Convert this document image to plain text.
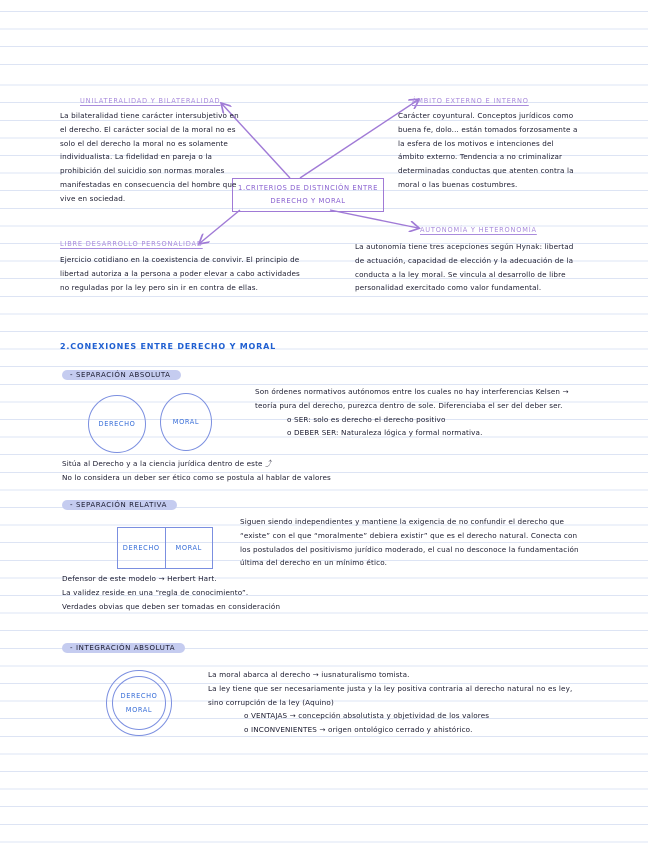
1.CRITERIOS DE DISTINCIÓN ENTRE
DERECHO Y MORAL
UNILATERALIDAD Y BILATERALIDAD
La bilateralidad tiene carácter intersubjetivo en el derecho. El carácter social de la moral no es solo el del derecho la moral no es solamente individualista. La fidelidad en pareja o la prohibición del suicidio son normas morales manifestadas en consecuencia del hombre que vive en sociedad.
ÁMBITO EXTERNO E INTERNO
Carácter coyuntural. Conceptos jurídicos como buena fe, dolo... están tomados forzosamente a la esfera de los motivos e intenciones del ámbito externo. Tendencia a no criminalizar determinadas conductas que atenten contra la moral o las buenas costumbres.
LIBRE DESARROLLO PERSONALIDAD
Ejercicio cotidiano en la coexistencia de convivir. El principio de libertad autoriza a la persona a poder elevar a cabo actividades no reguladas por la ley pero sin ir en contra de ellas.
AUTONOMÍA Y HETERONOMÍA
La autonomía tiene tres acepciones según Hynak: libertad de actuación, capacidad de elección y la adecuación de la conducta a la ley moral. Se vincula al desarrollo de libre personalidad exercitado como valor fundamental.
2.CONEXIONES ENTRE DERECHO Y MORAL
- SEPARACIÓN ABSOLUTA
DERECHO	MORAL
Son órdenes normativos autónomos entre los cuales no hay interferencias Kelsen → teoría pura del derecho, purezca dentro de sole. Diferenciaba el ser del deber ser.
o SER: solo es derecho el derecho positivo
o DEBER SER: Naturaleza lógica y formal normativa.
Sitúa al Derecho y a la ciencia jurídica dentro de este ⤴
No lo considera un deber ser ético como se postula al hablar de valores
- SEPARACIÓN RELATIVA
DERECHO MORAL
Siguen siendo independientes y mantiene la exigencia de no confundir el derecho que “existe” con el que “moralmente” debiera existir” que es el derecho natural. Conecta con los postulados del positivismo jurídico moderado, el cual no desconoce la fundamentación última del derecho en un mínimo ético.
Defensor de este modelo → Herbert Hart.
La validez reside en una “regla de conocimiento”.
Verdades obvias que deben ser tomadas en consideración
- INTEGRACIÓN ABSOLUTA
DERECHO
MORAL
La moral abarca al derecho → iusnaturalismo tomista.
La ley tiene que ser necesariamente justa y la ley positiva contraria al derecho natural no es ley, sino corrupción de la ley (Aquino)
o VENTAJAS → concepción absolutista y objetividad de los valores
o INCONVENIENTES → origen ontológico cerrado y ahistórico.
